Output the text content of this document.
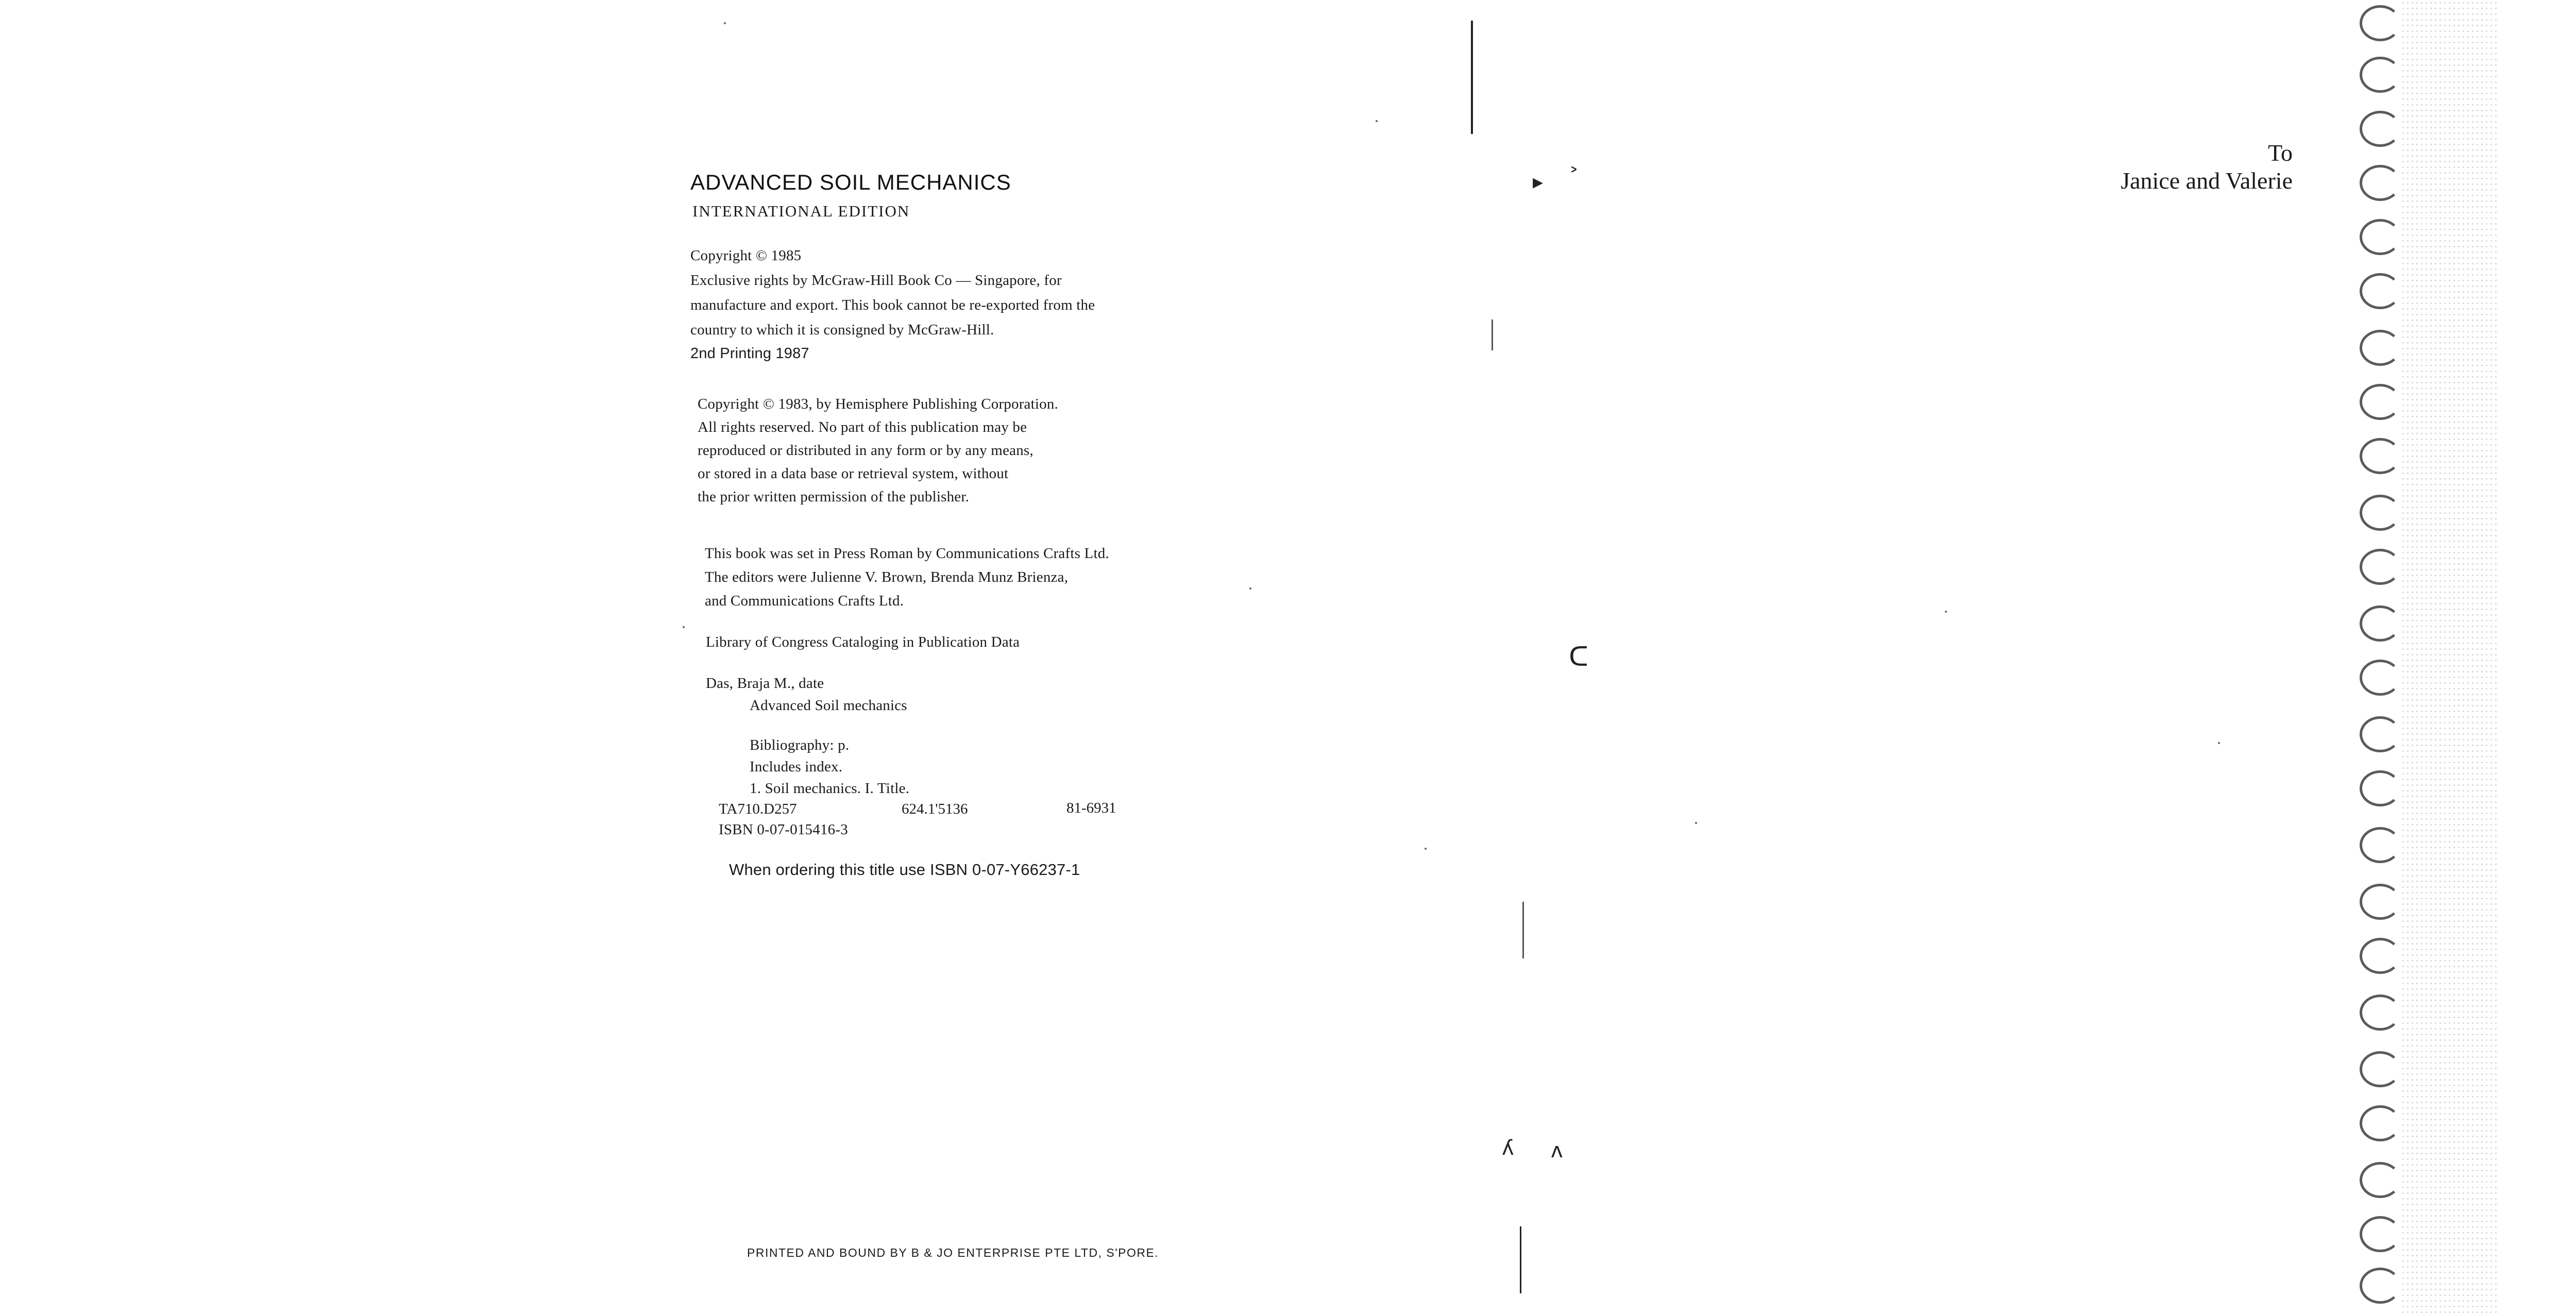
ADVANCED SOIL MECHANICS
INTERNATIONAL EDITION
Copyright © 1985
Exclusive rights by McGraw-Hill Book Co — Singapore, for
manufacture and export. This book cannot be re-exported from the
country to which it is consigned by McGraw-Hill.
2nd Printing 1987
Copyright © 1983, by Hemisphere Publishing Corporation.
All rights reserved. No part of this publication may be
reproduced or distributed in any form or by any means,
or stored in a data base or retrieval system, without
the prior written permission of the publisher.
This book was set in Press Roman by Communications Crafts Ltd.
The editors were Julienne V. Brown, Brenda Munz Brienza,
and Communications Crafts Ltd.
Library of Congress Cataloging in Publication Data
Das, Braja M., date
Advanced Soil mechanics
Bibliography: p.
Includes index.
1. Soil mechanics. I. Title.
TA710.D257	624.1'5136	81-6931
ISBN 0-07-015416-3
When ordering this title use ISBN 0-07-Y66237-1
PRINTED AND BOUND BY B & JO ENTERPRISE PTE LTD, S'PORE.
▸ ˃
ᑕ
ʎ ʌ
To
Janice and Valerie
